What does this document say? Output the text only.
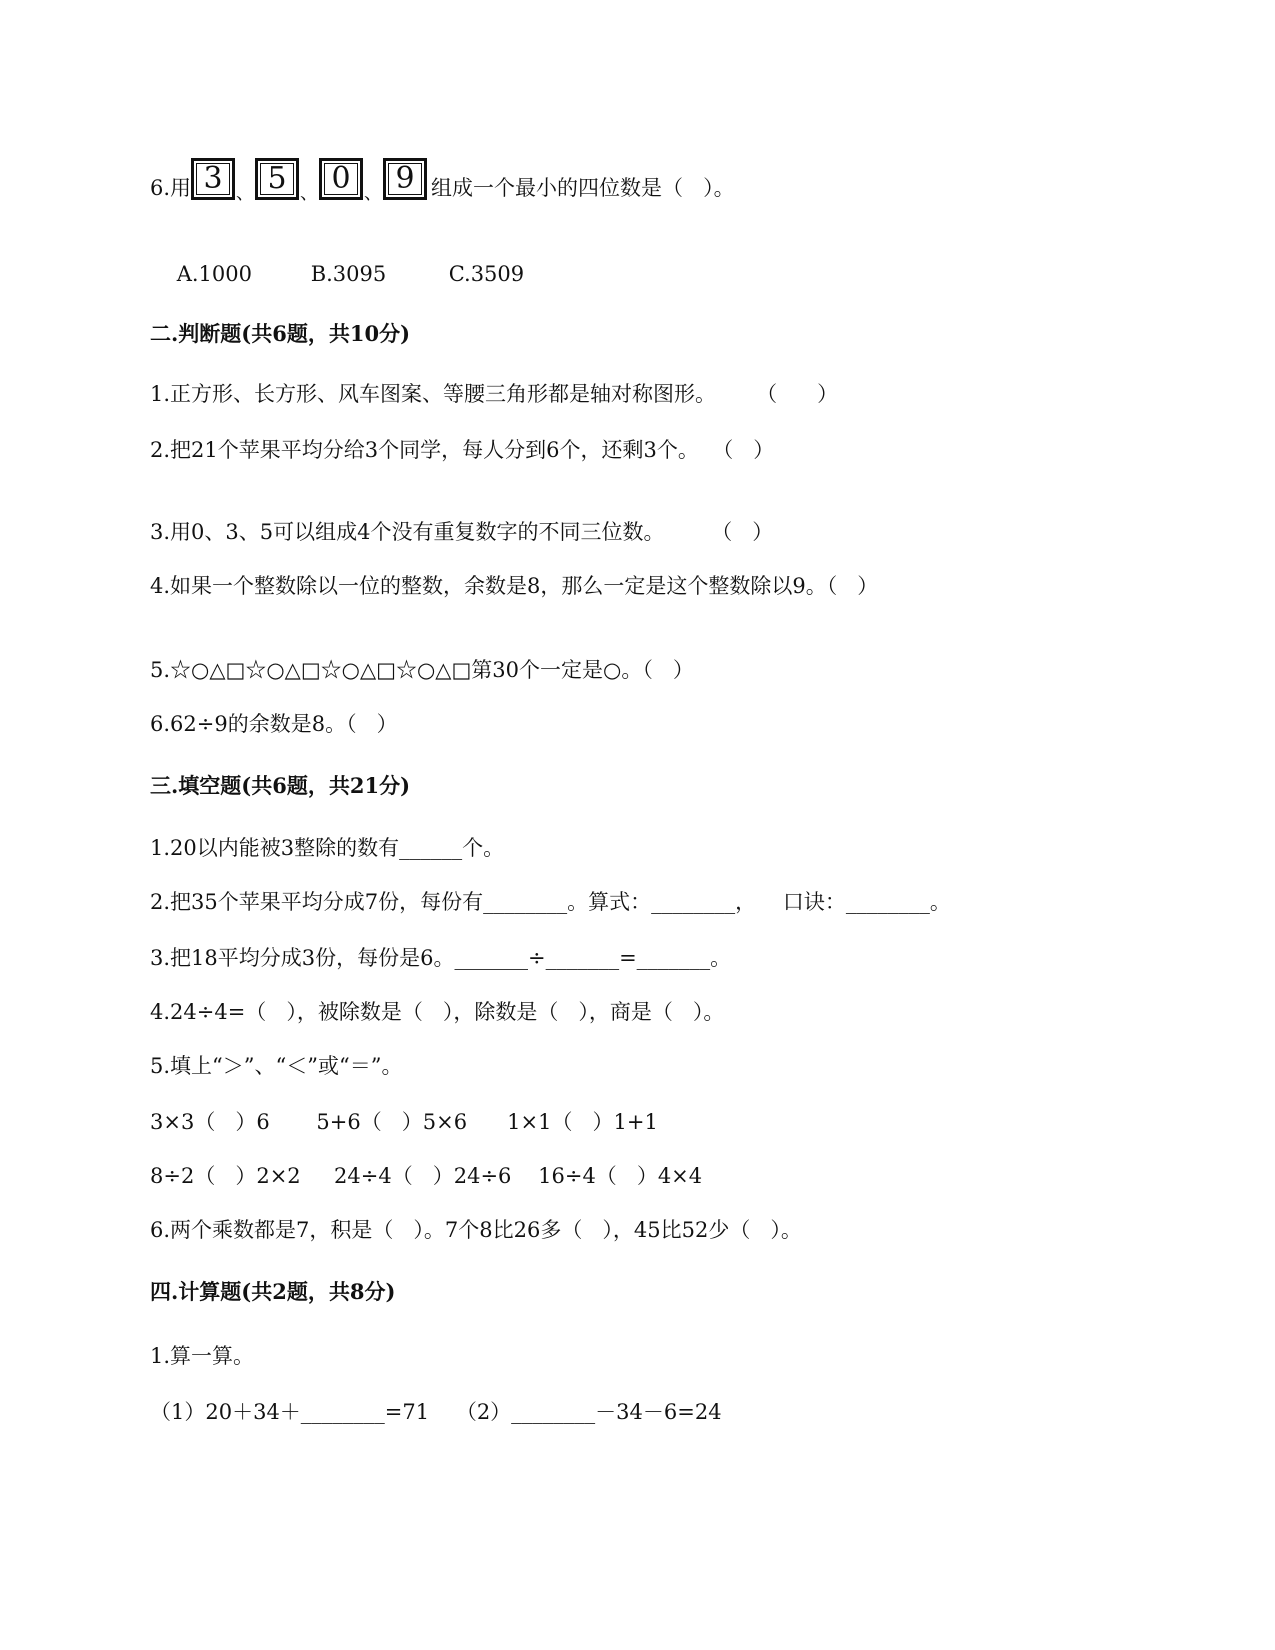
6.用 3 、 5 、 0 、 9 组成一个最小的四位数是（   ）。

A.1000	B.3095	C.3509

二.判断题(共6题，共10分)
1.正方形、长方形、风车图案、等腰三角形都是轴对称图形。      （      ）
2.把21个苹果平均分给3个同学，每人分到6个，还剩3个。  （   ）
3.用0、3、5可以组成4个没有重复数字的不同三位数。       （   ）
4.如果一个整数除以一位的整数，余数是8，那么一定是这个整数除以9。（   ）
5.☆○△□☆○△□☆○△□☆○△□第30个一定是○。（   ）
6.62÷9的余数是8。（   ）
三.填空题(共6题，共21分)
1.20以内能被3整除的数有______个。
2.把35个苹果平均分成7份，每份有________。算式：________，    口诀：________。
3.把18平均分成3份，每份是6。_______÷_______=_______。
4.24÷4=（   ），被除数是（   ），除数是（   ），商是（   ）。
5.填上“＞”、“＜”或“＝”。
3×3（   ）6       5+6（   ）5×6      1×1（   ）1+1
8÷2（   ）2×2     24÷4（   ）24÷6    16÷4（   ）4×4
6.两个乘数都是7，积是（   ）。7个8比26多（   ），45比52少（   ）。
四.计算题(共2题，共8分)
1.算一算。
（1）20＋34＋________=71    （2）________－34－6=24
